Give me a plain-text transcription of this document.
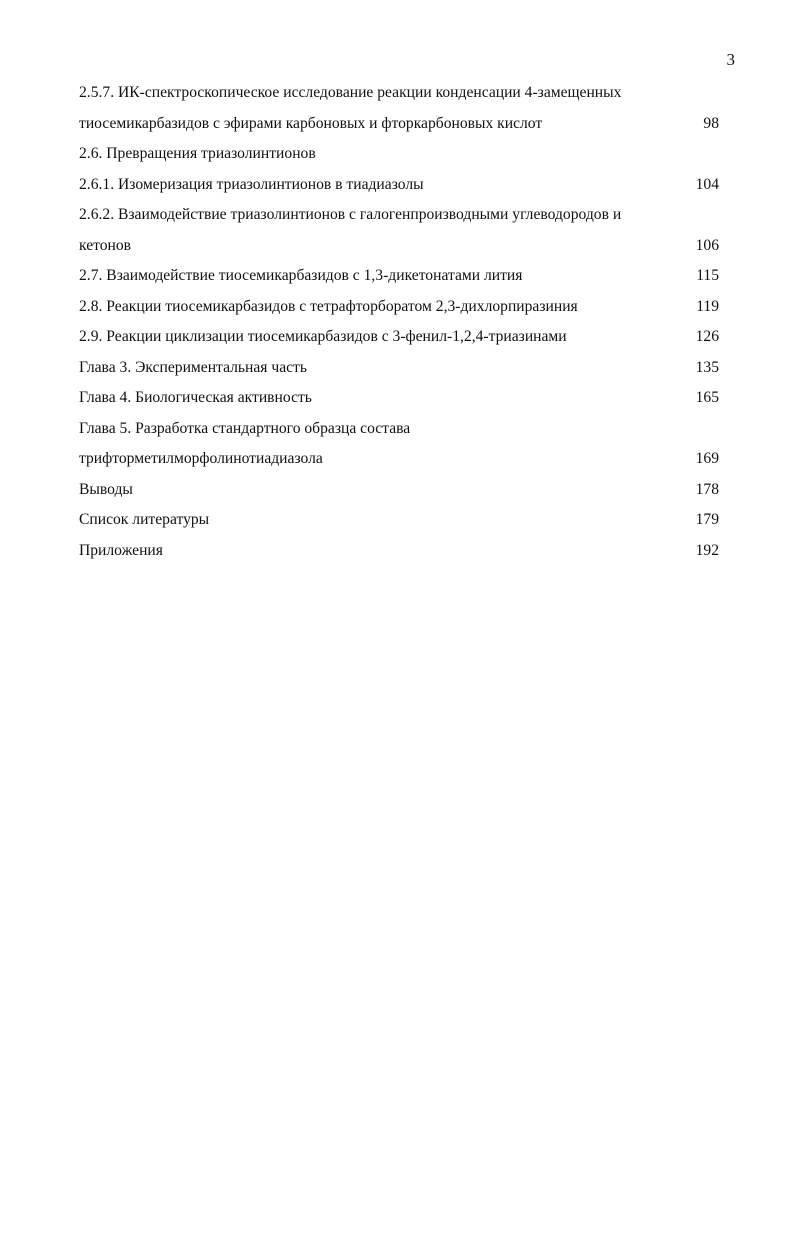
3
2.5.7. ИК-спектроскопическое исследование реакции конденсации 4-замещенных
тиосемикарбазидов с эфирами карбоновых и фторкарбоновых кислот	98
2.6. Превращения триазолинтионов
2.6.1. Изомеризация триазолинтионов в тиадиазолы	104
2.6.2. Взаимодействие триазолинтионов с галогенпроизводными углеводородов и
кетонов	106
2.7. Взаимодействие тиосемикарбазидов с 1,3-дикетонатами лития	115
2.8. Реакции тиосемикарбазидов с тетрафторборатом 2,3-дихлорпиразиния	119
2.9. Реакции циклизации тиосемикарбазидов с 3-фенил-1,2,4-триазинами	126
Глава 3. Экспериментальная часть	135
Глава 4. Биологическая активность	165
Глава 5. Разработка стандартного образца состава
трифторметилморфолинотиадиазола	169
Выводы	178
Список литературы	179
Приложения	192
